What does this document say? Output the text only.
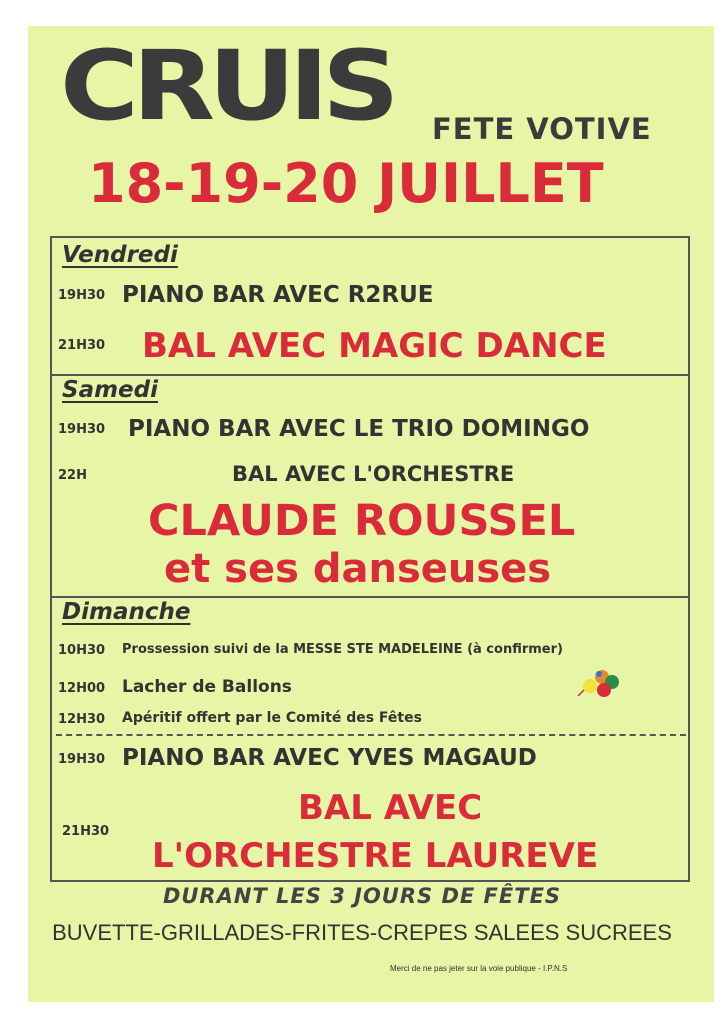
CRUIS FETE VOTIVE
18-19-20 JUILLET
Vendredi
19H30 PIANO BAR AVEC R2RUE
21H30 BAL AVEC MAGIC DANCE
Samedi
19H30 PIANO BAR AVEC LE TRIO DOMINGO
22H	BAL AVEC L'ORCHESTRE
CLAUDE ROUSSEL
et ses danseuses
Dimanche
10H30 Prossession suivi de la MESSE STE MADELEINE (à confirmer)
12H00 Lacher de Ballons
12H30 Apéritif offert par le Comité des Fêtes
19H30 PIANO BAR AVEC YVES MAGAUD
21H30
BAL AVEC
L'ORCHESTRE LAUREVE
DURANT LES 3 JOURS DE FÊTES
BUVETTE-GRILLADES-FRITES-CREPES SALEES SUCREES
Merci de ne pas jeter sur la voie publique - I.P.N.S
